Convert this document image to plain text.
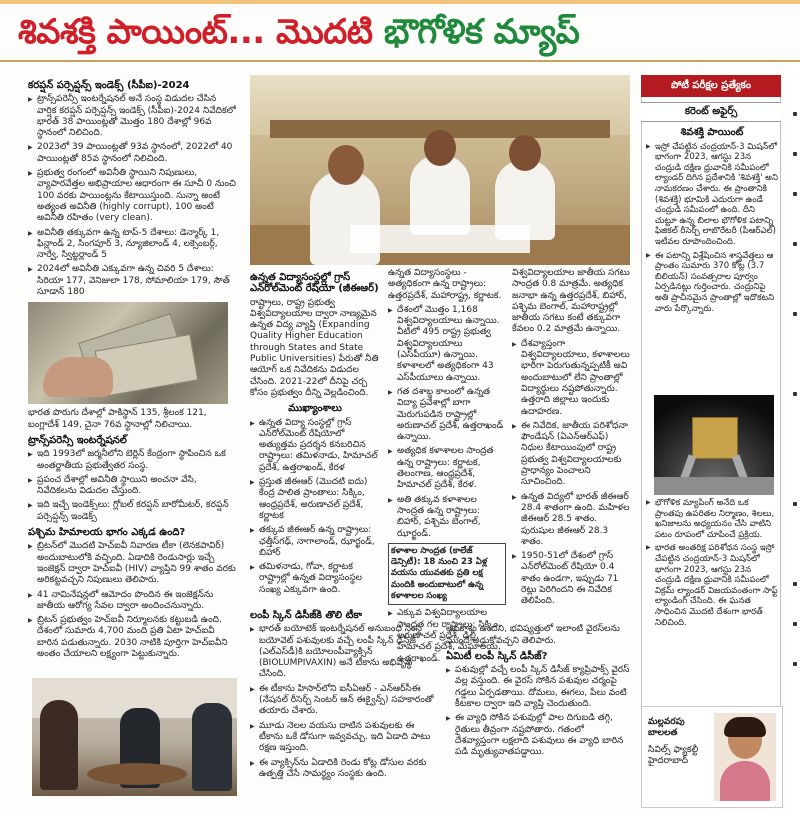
శివశక్తి పాయింట్... మొదటి భౌగోళిక మ్యాప్
కరప్షన్ పర్సెప్షన్స్ ఇండెక్స్ (సీపీఐ)-2024

▶ ట్రాన్స్‌పరెన్సీ ఇంటర్నేషనల్ అనే సంస్థ విడుదల చేసిన వార్షిక కరప్షన్ పర్సెప్షన్స్ ఇండెక్స్ (సీపీఐ)-2024 నివేదికలో భారత్ 38 పాయింట్లతో మొత్తం 180 దేశాల్లో 96వ స్థానంలో నిలిచింది.

▶ 2023లో 39 పాయింట్లతో 93వ స్థానంలో, 2022లో 40 పాయింట్లతో 85వ స్థానంలో నిలిచింది.

▶ ప్రభుత్వ రంగంలో అవినీతి స్థాయిని నిపుణులు, వ్యాపారవేత్తల అభిప్రాయాల ఆధారంగా ఈ సూచీ 0 నుంచి 100 వరకు పాయింట్లను కేటాయిస్తుంది. సున్నా అంటే అత్యంత అవినీతి (highly corrupt), 100 అంటే అవినీతి రహితం (very clean).

▶ అవినీతి తక్కువగా ఉన్న టాప్-5 దేశాలు: డెన్మార్క్ 1, ఫిన్లాండ్ 2, సింగపూర్ 3, న్యూజిలాండ్ 4, లక్సెంబర్గ్, నార్వే, స్విట్జర్లాండ్ 5

▶ 2024లో అవినీతి ఎక్కువగా ఉన్న చివరి 5 దేశాలు: సిరియా 177, వెనిజులా 178, సోమాలియా 179, సౌత్ సూడాన్ 180

భారత పొరుగు దేశాల్లో పాకిస్థాన్ 135, శ్రీలంక 121, బంగ్లాదేశ్ 149, చైనా 76వ స్థానాల్లో నిలిచాయి.

ట్రాన్స్‌పరెన్సీ ఇంటర్నేషనల్

▶ ఇది 1993లో జర్మనీలోని బెర్లిన్ కేంద్రంగా స్థాపించిన ఒక అంతర్జాతీయ ప్రభుత్వేతర సంస్థ.

▶ ప్రపంచ దేశాల్లో అవినీతి స్థాయిని అంచనా వేసి, నివేదికలను విడుదల చేస్తుంది.

▶ ఇది ఇచ్చే ఇండెక్స్‌లు: గ్లోబల్ కరప్షన్ బారోమీటర్, కరప్షన్ పర్సెప్షన్స్ ఇండెక్స్

పశ్చిమ హిమాలయ భాగం ఎక్కడ ఉంది?

▶ బ్రిటన్‌లో మొదటి హెచ్ఐవీ నివారణ టీకా (లెనకపావిర్) అందుబాటులోకి వచ్చింది. ఏడాదికి రెండుసార్లు ఇచ్చే ఇంజెక్షన్ ద్వారా హెచ్ఐవీ (HIV) వ్యాప్తిని 99 శాతం వరకు అరికట్టవచ్చని నిపుణులు తెలిపారు.

▶ 41 నామినేషన్లలో ఆమోదం పొందిన ఈ ఇంజెక్షన్‌ను జాతీయ ఆరోగ్య సేవల ద్వారా అందించనున్నారు.

▶ బ్రిటన్ ప్రభుత్వం హెచ్ఐవీ నిర్మూలనకు కట్టుబడి ఉంది. దేశంలో సుమారు 4,700 మంది ప్రతి ఏటా హెచ్ఐవీ బారిన పడుతున్నారు. 2030 నాటికి పూర్తిగా హెచ్ఐవీని అంతం చేయాలని లక్ష్యంగా పెట్టుకున్నారు.

ఉన్నత విద్యాసంస్థల్లో గ్రాస్ ఎన్‌రోల్‌మెంట్ రేషియో (జీఈఆర్)

రాష్ట్రాలు, రాష్ట్ర ప్రభుత్వ విశ్వవిద్యాలయాల ద్వారా నాణ్యమైన ఉన్నత విద్య వ్యాప్తి (Expanding Quality Higher Education through States and State Public Universities) పేరుతో నీతి ఆయోగ్ ఒక నివేదికను విడుదల చేసింది. 2021-22లో దీనిపై చర్చ కోసం ప్రభుత్వం దీన్ని వెల్లడించింది.

ముఖ్యాంశాలు

▶ ఉన్నత విద్యా సంస్థల్లో గ్రాస్ ఎన్‌రోల్‌మెంట్ రేషియోలో అత్యుత్తమ ప్రదర్శన కనబరిచిన రాష్ట్రాలు: తమిళనాడు, హిమాచల్ ప్రదేశ్, ఉత్తరాఖండ్, కేరళ

▶ ప్రస్తుత జీఈఆర్ (మొదటి ఐదు) కేంద్ర పాలిత ప్రాంతాలు: సిక్కిం, ఆంధ్రప్రదేశ్, అరుణాచల్ ప్రదేశ్, కర్ణాటక

▶ తక్కువ జీఈఆర్ ఉన్న రాష్ట్రాలు: ఛత్తీస్‌గఢ్, నాగాలాండ్, ఝార్ఖండ్, బిహార్

▶ తమిళనాడు, గోవా, కర్ణాటక రాష్ట్రాల్లో ఉన్నత విద్యాసంస్థల సంఖ్య ఎక్కువగా ఉంది.

లంపీ స్కిన్ డిసీజ్‌కి తొలి టీకా

▶ భారత్ బయోటెక్ ఇంటర్నేషనల్ అనుబంధ సంస్థ బయోవెట్ పశువులకు వచ్చే లంపీ స్కిన్ డిసీజ్ (ఎల్ఎస్‌డీ)కి బయోలంపీవ్యాక్సిన్ (BIOLUMPIVAXIN) అనే టీకాను అభివృద్ధి చేసింది.

▶ ఈ టీకాను హిసార్‌లోని ఐసీఏఆర్ - ఎన్ఆర్‌సీఈ (నేషనల్ రీసెర్చ్ సెంటర్ ఆన్ ఈక్వైన్స్) సహకారంతో తయారు చేశారు.

▶ మూడు నెలల వయసు దాటిన పశువులకు ఈ టీకాను ఒకే డోసుగా ఇవ్వవచ్చు. ఇది ఏడాది పాటు రక్షణ ఇస్తుంది.

▶ ఈ వ్యాక్సిన్‌ను ఏడాదికి రెండు కోట్ల డోసుల వరకు ఉత్పత్తి చేసే సామర్థ్యం సంస్థకు ఉంది.

అవకాశం ఉందని, భవిష్యత్తులో ఇలాంటి వైరస్‌లను ముందే అడ్డుకోవచ్చని తెలిపారు.

ఏమిటీ లంపీ స్కిన్ డిసీజ్?

▶ పశువుల్లో వచ్చే లంపీ స్కిన్ డిసీజ్ క్యాప్రిపాక్స్ వైరస్ వల్ల వస్తుంది. ఈ వైరస్ సోకిన పశువుల చర్మంపై గడ్డలు ఏర్పడతాయి. దోమలు, ఈగలు, పేలు వంటి కీటకాల ద్వారా ఇది వ్యాప్తి చెందుతుంది.

▶ ఈ వ్యాధి సోకిన పశువుల్లో పాల దిగుబడి తగ్గి, రైతులు తీవ్రంగా నష్టపోతారు. గతంలో దేశవ్యాప్తంగా లక్షలాది పశువులు ఈ వ్యాధి బారిన పడి మృత్యువాతపడ్డాయి.

ఉన్నత విద్యాసంస్థలు - అత్యధికంగా ఉన్న రాష్ట్రాలు: ఉత్తరప్రదేశ్, మహారాష్ట్ర, కర్ణాటక.

▶ దేశంలో మొత్తం 1,168 విశ్వవిద్యాలయాలు ఉన్నాయి. వీటిలో 495 రాష్ట్ర ప్రభుత్వ విశ్వవిద్యాలయాలు (ఎస్‌పీయూ) ఉన్నాయి. కళాశాలలో అత్యధికంగా 43 ఎస్‌పీయూలు ఉన్నాయి.

▶ గత దశాబ్ద కాలంలో ఉన్నత విద్యా ప్రవేశాల్లో బాగా మెరుగుపడిన రాష్ట్రాల్లో అరుణాచల్ ప్రదేశ్, ఉత్తరాఖండ్ ఉన్నాయి.

▶ అత్యధిక కళాశాలల సాంద్రత ఉన్న రాష్ట్రాలు: కర్ణాటక, తెలంగాణ, ఆంధ్రప్రదేశ్, హిమాచల్ ప్రదేశ్, కేరళ.

▶ అతి తక్కువ కళాశాలల సాంద్రత ఉన్న రాష్ట్రాలు: బిహార్, పశ్చిమ బెంగాల్, ఝార్ఖండ్.

కళాశాల సాంద్రత (కాలేజ్ డెన్సిటీ): 18 నుంచి 23 ఏళ్ల వయసు యువతకు ప్రతి లక్ష మందికి అందుబాటులో ఉన్న కళాశాలల సంఖ్య

▶ ఎక్కువ విశ్వవిద్యాలయాల సాంద్రత గల రాష్ట్రాలు: సిక్కిం, అరుణాచల్ ప్రదేశ్, ఢిల్లీ, హిమాచల్ ప్రదేశ్, మేఘాలయ, ఉత్తరాఖండ్.

విశ్వవిద్యాలయాల జాతీయ సగటు సాంద్రత 0.8 మాత్రమే. అత్యధిక జనాభా ఉన్న ఉత్తరప్రదేశ్, బిహార్, పశ్చిమ బెంగాల్, మహారాష్ట్రల్లో జాతీయ సగటు కంటే తక్కువగా కేవలం 0.2 మాత్రమే ఉన్నాయి.

▶ దేశవ్యాప్తంగా విశ్వవిద్యాలయాలు, కళాశాలలు భారీగా పెరుగుతున్నప్పటికీ అవి అందుబాటులో లేని ప్రాంతాల్లో విద్యార్థులు నష్టపోతున్నారు. ఉత్తరాది జిల్లాలు ఇందుకు ఉదాహరణ.

▶ ఈ నివేదిక, జాతీయ పరిశోధనా ఫౌండేషన్ (ఏఎన్ఆర్ఎఫ్) నిధుల కేటాయింపులో రాష్ట్ర ప్రభుత్వ విశ్వవిద్యాలయాలకు ప్రాధాన్యం పెంచాలని సూచించింది.

▶ ఉన్నత విద్యలో భారత్ జీఈఆర్ 28.4 శాతంగా ఉంది. మహిళల జీఈఆర్ 28.5 శాతం. పురుషుల జీఈఆర్ 28.3 శాతం.

▶ 1950-51లో దేశంలో గ్రాస్ ఎన్‌రోల్‌మెంట్ రేషియో 0.4 శాతం ఉండగా, ఇప్పుడు 71 రెట్లు పెరిగిందని ఈ నివేదిక తెలిపింది.

పోటీ పరీక్షల ప్రత్యేకం
కరెంట్ అఫైర్స్
శివశక్తి పాయింట్

▶ ఇస్రో చేపట్టిన చంద్రయాన్-3 మిషన్‌లో భాగంగా 2023, ఆగస్టు 23న చంద్రుడి దక్షిణ ధ్రువానికి సమీపంలో ల్యాండర్ దిగిన ప్రదేశానికి 'శివశక్తి' అని నామకరణం చేశారు. ఈ ప్రాంతానికి (శివశక్తి) భూమికి ఎదురుగా ఉండే చంద్రుడి సమీపంలో ఉంది. దీని చుట్టూ ఉన్న బిలాల భౌగోళిక పటాన్ని ఫిజికల్ రీసెర్చ్ లాబొరేటరీ (పీఆర్ఎల్) ఇటీవల రూపొందించింది.

▶ ఈ పటాన్ని విశ్లేషించిన శాస్త్రవేత్తలు ఆ ప్రాంతం సుమారు 370 కోట్ల (3.7 బిలియన్) సంవత్సరాల పూర్వం ఏర్పడినట్లు గుర్తించారు. చంద్రునిపై అతి ప్రాచీనమైన ప్రాంతాల్లో ఇదొకటని వారు పేర్కొన్నారు.

▶ భౌగోళిక మ్యాపింగ్ అనేది ఒక ప్రాంతపు ఉపరితల నిర్మాణం, శిలలు, ఖనిజాలను అధ్యయనం చేసి వాటిని పటం రూపంలో చూపించే ప్రక్రియ.

▶ భారత అంతరిక్ష పరిశోధన సంస్థ ఇస్రో చేపట్టిన చంద్రయాన్-3 మిషన్‌లో భాగంగా 2023, ఆగస్టు 23న చంద్రుడి దక్షిణ ధ్రువానికి సమీపంలో విక్రమ్ ల్యాండర్ విజయవంతంగా సాఫ్ట్ ల్యాండింగ్ చేసింది. ఈ ఘనత సాధించిన మొదటి దేశంగా భారత్ నిలిచింది.

మల్లవరపు బాలలత
సివిల్స్ ఫ్యాకల్టీ
హైదరాబాద్
